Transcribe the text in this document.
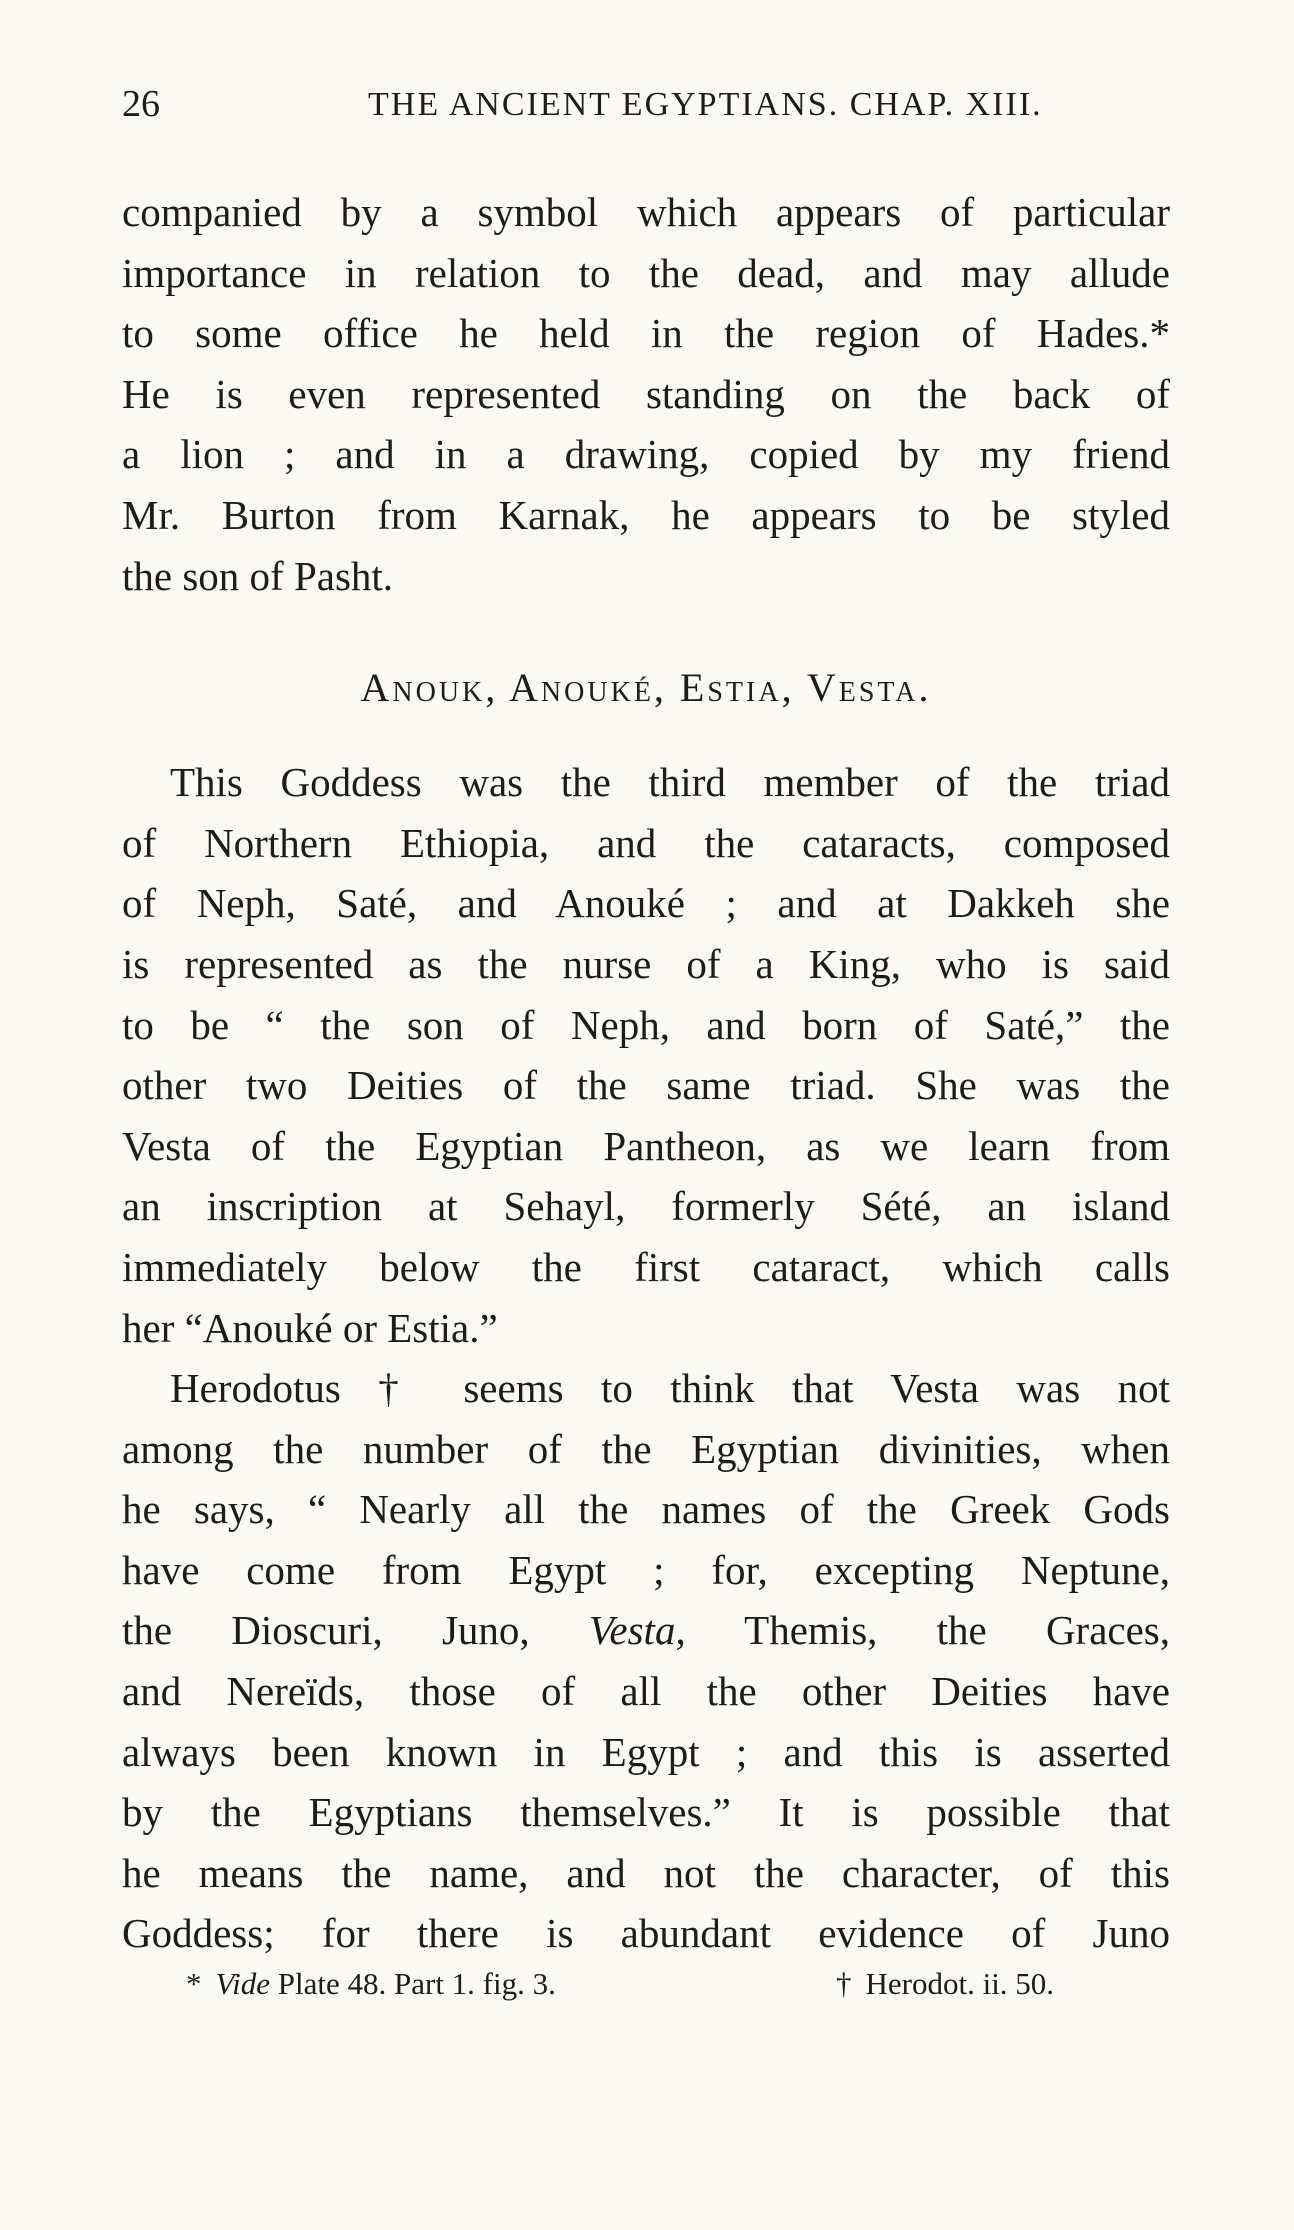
26	THE ANCIENT EGYPTIANS. CHAP. XIII.
companied by a symbol which appears of particular
importance in relation to the dead, and may allude
to some office he held in the region of Hades.*
He is even represented standing on the back of
a lion ; and in a drawing, copied by my friend
Mr. Burton from Karnak, he appears to be styled
the son of Pasht.
Anouk, Anouké, Estia, Vesta.
This Goddess was the third member of the triad
of Northern Ethiopia, and the cataracts, composed
of Neph, Saté, and Anouké ; and at Dakkeh she
is represented as the nurse of a King, who is said
to be “ the son of Neph, and born of Saté,” the
other two Deities of the same triad. She was the
Vesta of the Egyptian Pantheon, as we learn from
an inscription at Sehayl, formerly Sété, an island
immediately below the first cataract, which calls
her “Anouké or Estia.”
Herodotus † seems to think that Vesta was not
among the number of the Egyptian divinities, when
he says, “ Nearly all the names of the Greek Gods
have come from Egypt ; for, excepting Neptune,
the Dioscuri, Juno, Vesta, Themis, the Graces,
and Nereïds, those of all the other Deities have
always been known in Egypt ; and this is asserted
by the Egyptians themselves.” It is possible that
he means the name, and not the character, of this
Goddess; for there is abundant evidence of Juno
* Vide Plate 48. Part 1. fig. 3.	† Herodot. ii. 50.
